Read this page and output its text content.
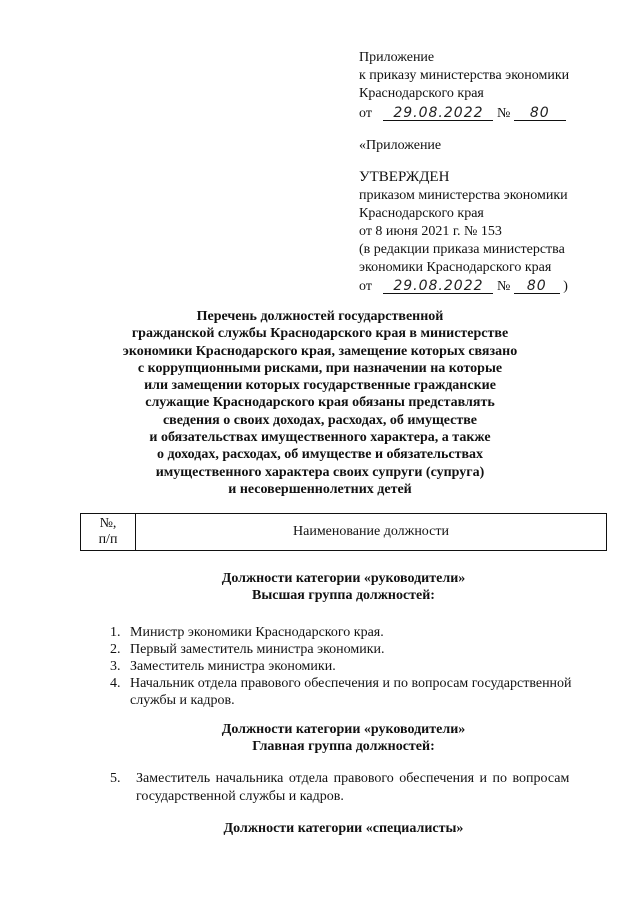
Приложение
к приказу министерства экономики
Краснодарского края
от 29.08.2022 № 80
«Приложение
УТВЕРЖДЕН
приказом министерства экономики
Краснодарского края
от 8 июня 2021 г. № 153
(в редакции приказа министерства
экономики Краснодарского края
от 29.08.2022 № 80 )
Перечень должностей государственной
гражданской службы Краснодарского края в министерстве
экономики Краснодарского края, замещение которых связано
с коррупционными рисками, при назначении на которые
или замещении которых государственные гражданские
служащие Краснодарского края обязаны представлять
сведения о своих доходах, расходах, об имуществе
и обязательствах имущественного характера, а также
о доходах, расходах, об имуществе и обязательствах
имущественного характера своих супруги (супруга)
и несовершеннолетних детей
№,
п/п
	Наименование должности
Должности категории «руководители»
Высшая группа должностей:
1. Министр экономики Краснодарского края.
2. Первый заместитель министра экономики.
3. Заместитель министра экономики.
4. Начальник отдела правового обеспечения и по вопросам государственной
службы и кадров.
Должности категории «руководители»
Главная группа должностей:
5. Заместитель начальника отдела правового обеспечения и по вопросам
государственной службы и кадров.
Должности категории «специалисты»
